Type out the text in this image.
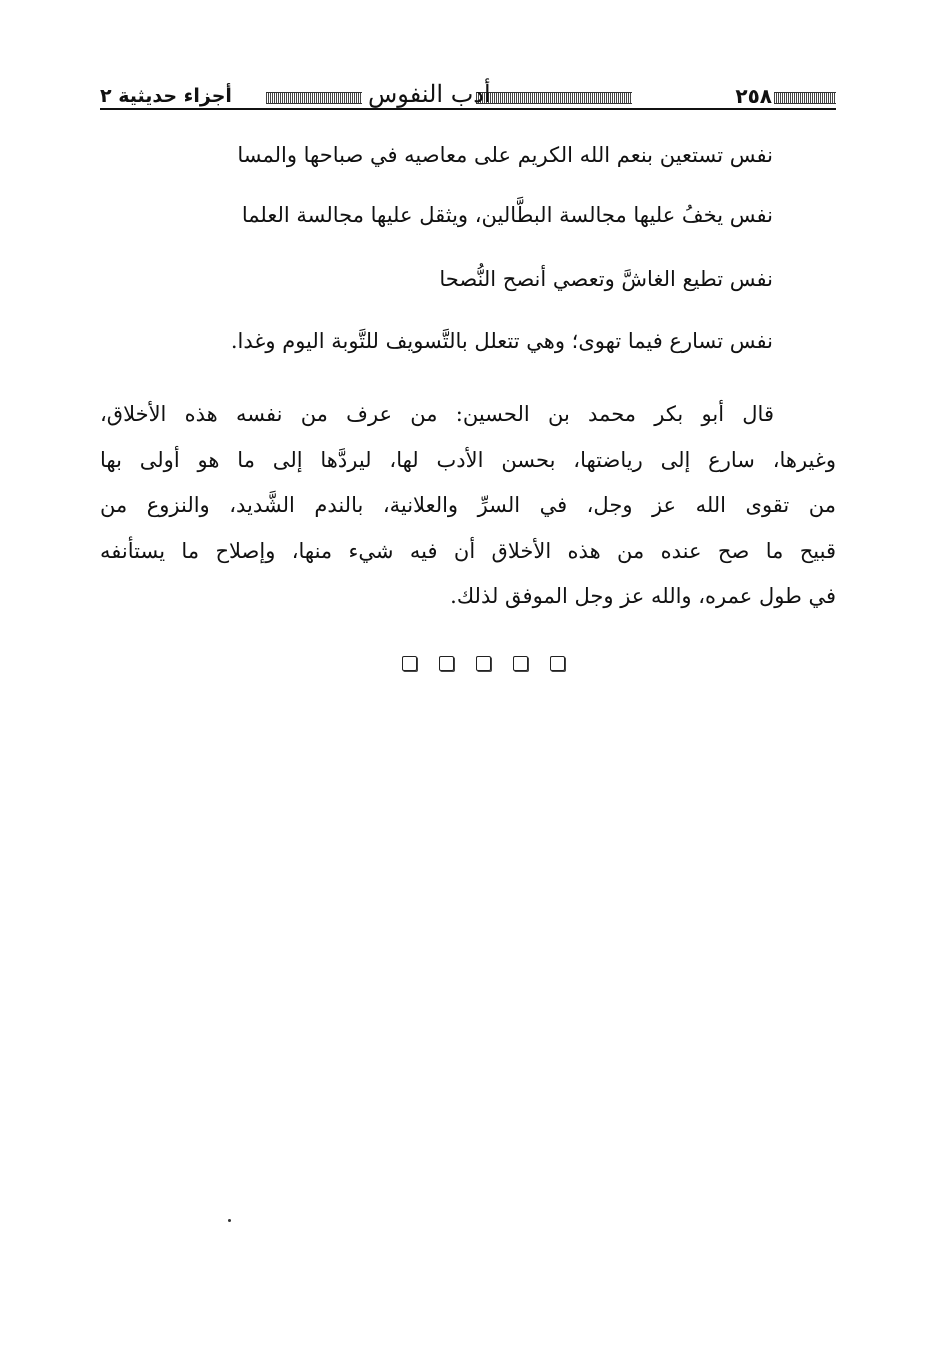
٢٥٨
أدب النفوس
أجزاء حديثية ٢
نفس تستعين بنعم الله الكريم على معاصيه في صباحها والمسا
نفس يخفُ عليها مجالسة البطَّالين، ويثقل عليها مجالسة العلما
نفس تطيع الغاشَّ وتعصي أنصح النُّصحا
نفس تسارع فيما تهوى؛ وهي تتعلل بالتَّسويف للتَّوبة اليوم وغدا.
قال أبو بكر محمد بن الحسين: من عرف من نفسه هذه الأخلاق،
وغيرها، سارع إلى رياضتها، بحسن الأدب لها، ليردَّها إلى ما هو أولى بها
من تقوى الله عز وجل، في السرِّ والعلانية، بالندم الشَّديد، والنزوع من
قبيح ما صح عنده من هذه الأخلاق أن فيه شيء منها، وإصلاح ما يستأنفه
في طول عمره، والله عز وجل الموفق لذلك.
